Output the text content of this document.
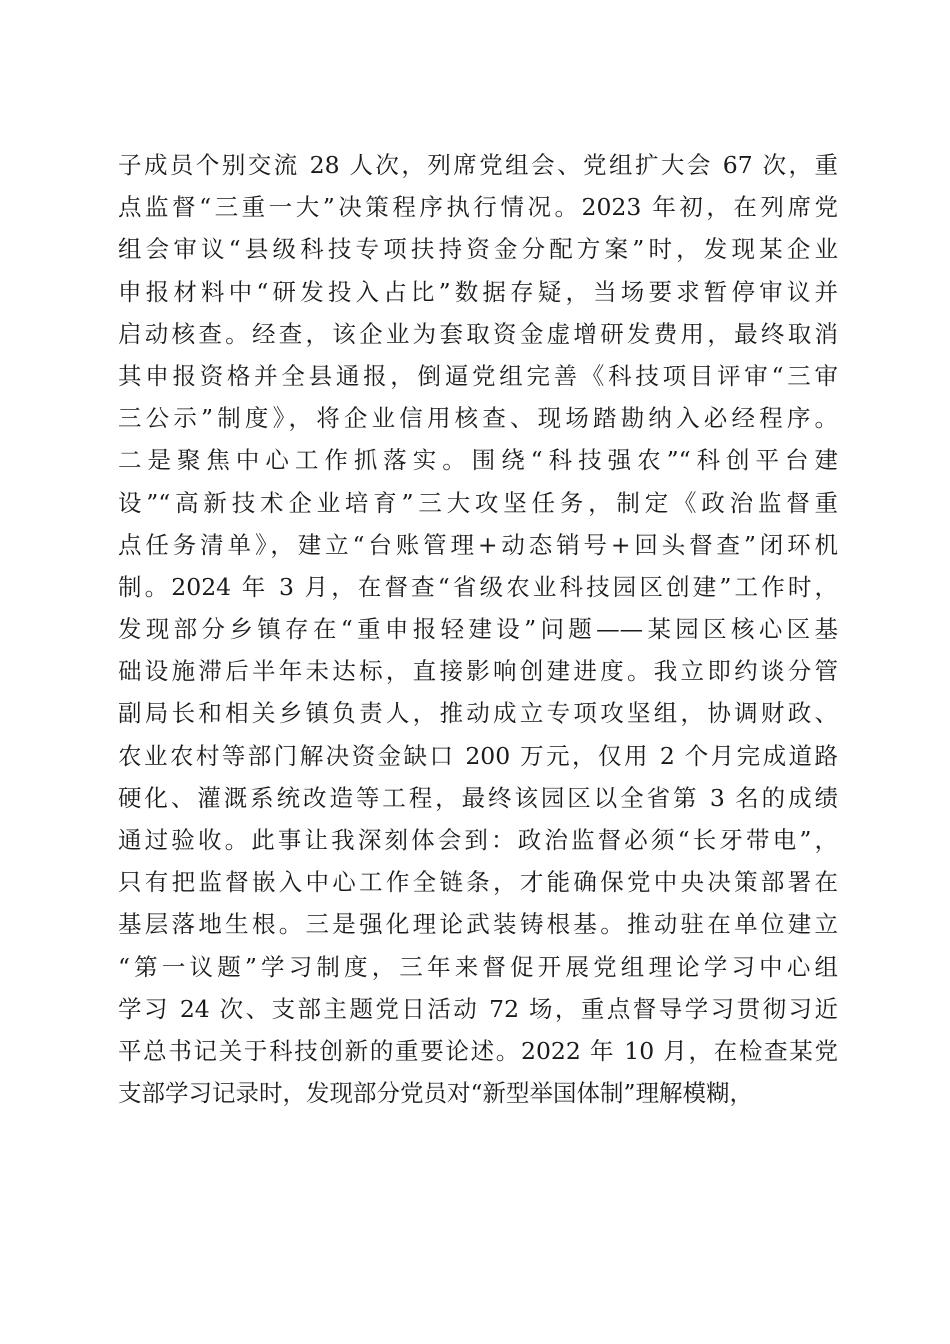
子成员个别交流 28 人次，列席党组会、党组扩大会 67 次，重
点监督“三重一大”决策程序执行情况。2023 年初，在列席党
组会审议“县级科技专项扶持资金分配方案”时，发现某企业
申报材料中“研发投入占比”数据存疑，当场要求暂停审议并
启动核查。经查，该企业为套取资金虚增研发费用，最终取消
其申报资格并全县通报，倒逼党组完善《科技项目评审“三审
三公示”制度》，将企业信用核查、现场踏勘纳入必经程序。
二是聚焦中心工作抓落实。围绕“科技强农”“科创平台建
设”“高新技术企业培育”三大攻坚任务，制定《政治监督重
点任务清单》，建立“台账管理+动态销号+回头督查”闭环机
制。2024 年 3 月，在督查“省级农业科技园区创建”工作时，
发现部分乡镇存在“重申报轻建设”问题——某园区核心区基
础设施滞后半年未达标，直接影响创建进度。我立即约谈分管
副局长和相关乡镇负责人，推动成立专项攻坚组，协调财政、
农业农村等部门解决资金缺口 200 万元，仅用 2 个月完成道路
硬化、灌溉系统改造等工程，最终该园区以全省第 3 名的成绩
通过验收。此事让我深刻体会到：政治监督必须“长牙带电”，
只有把监督嵌入中心工作全链条，才能确保党中央决策部署在
基层落地生根。三是强化理论武装铸根基。推动驻在单位建立
“第一议题”学习制度，三年来督促开展党组理论学习中心组
学习 24 次、支部主题党日活动 72 场，重点督导学习贯彻习近
平总书记关于科技创新的重要论述。2022 年 10 月，在检查某党
支部学习记录时，发现部分党员对“新型举国体制”理解模糊，
